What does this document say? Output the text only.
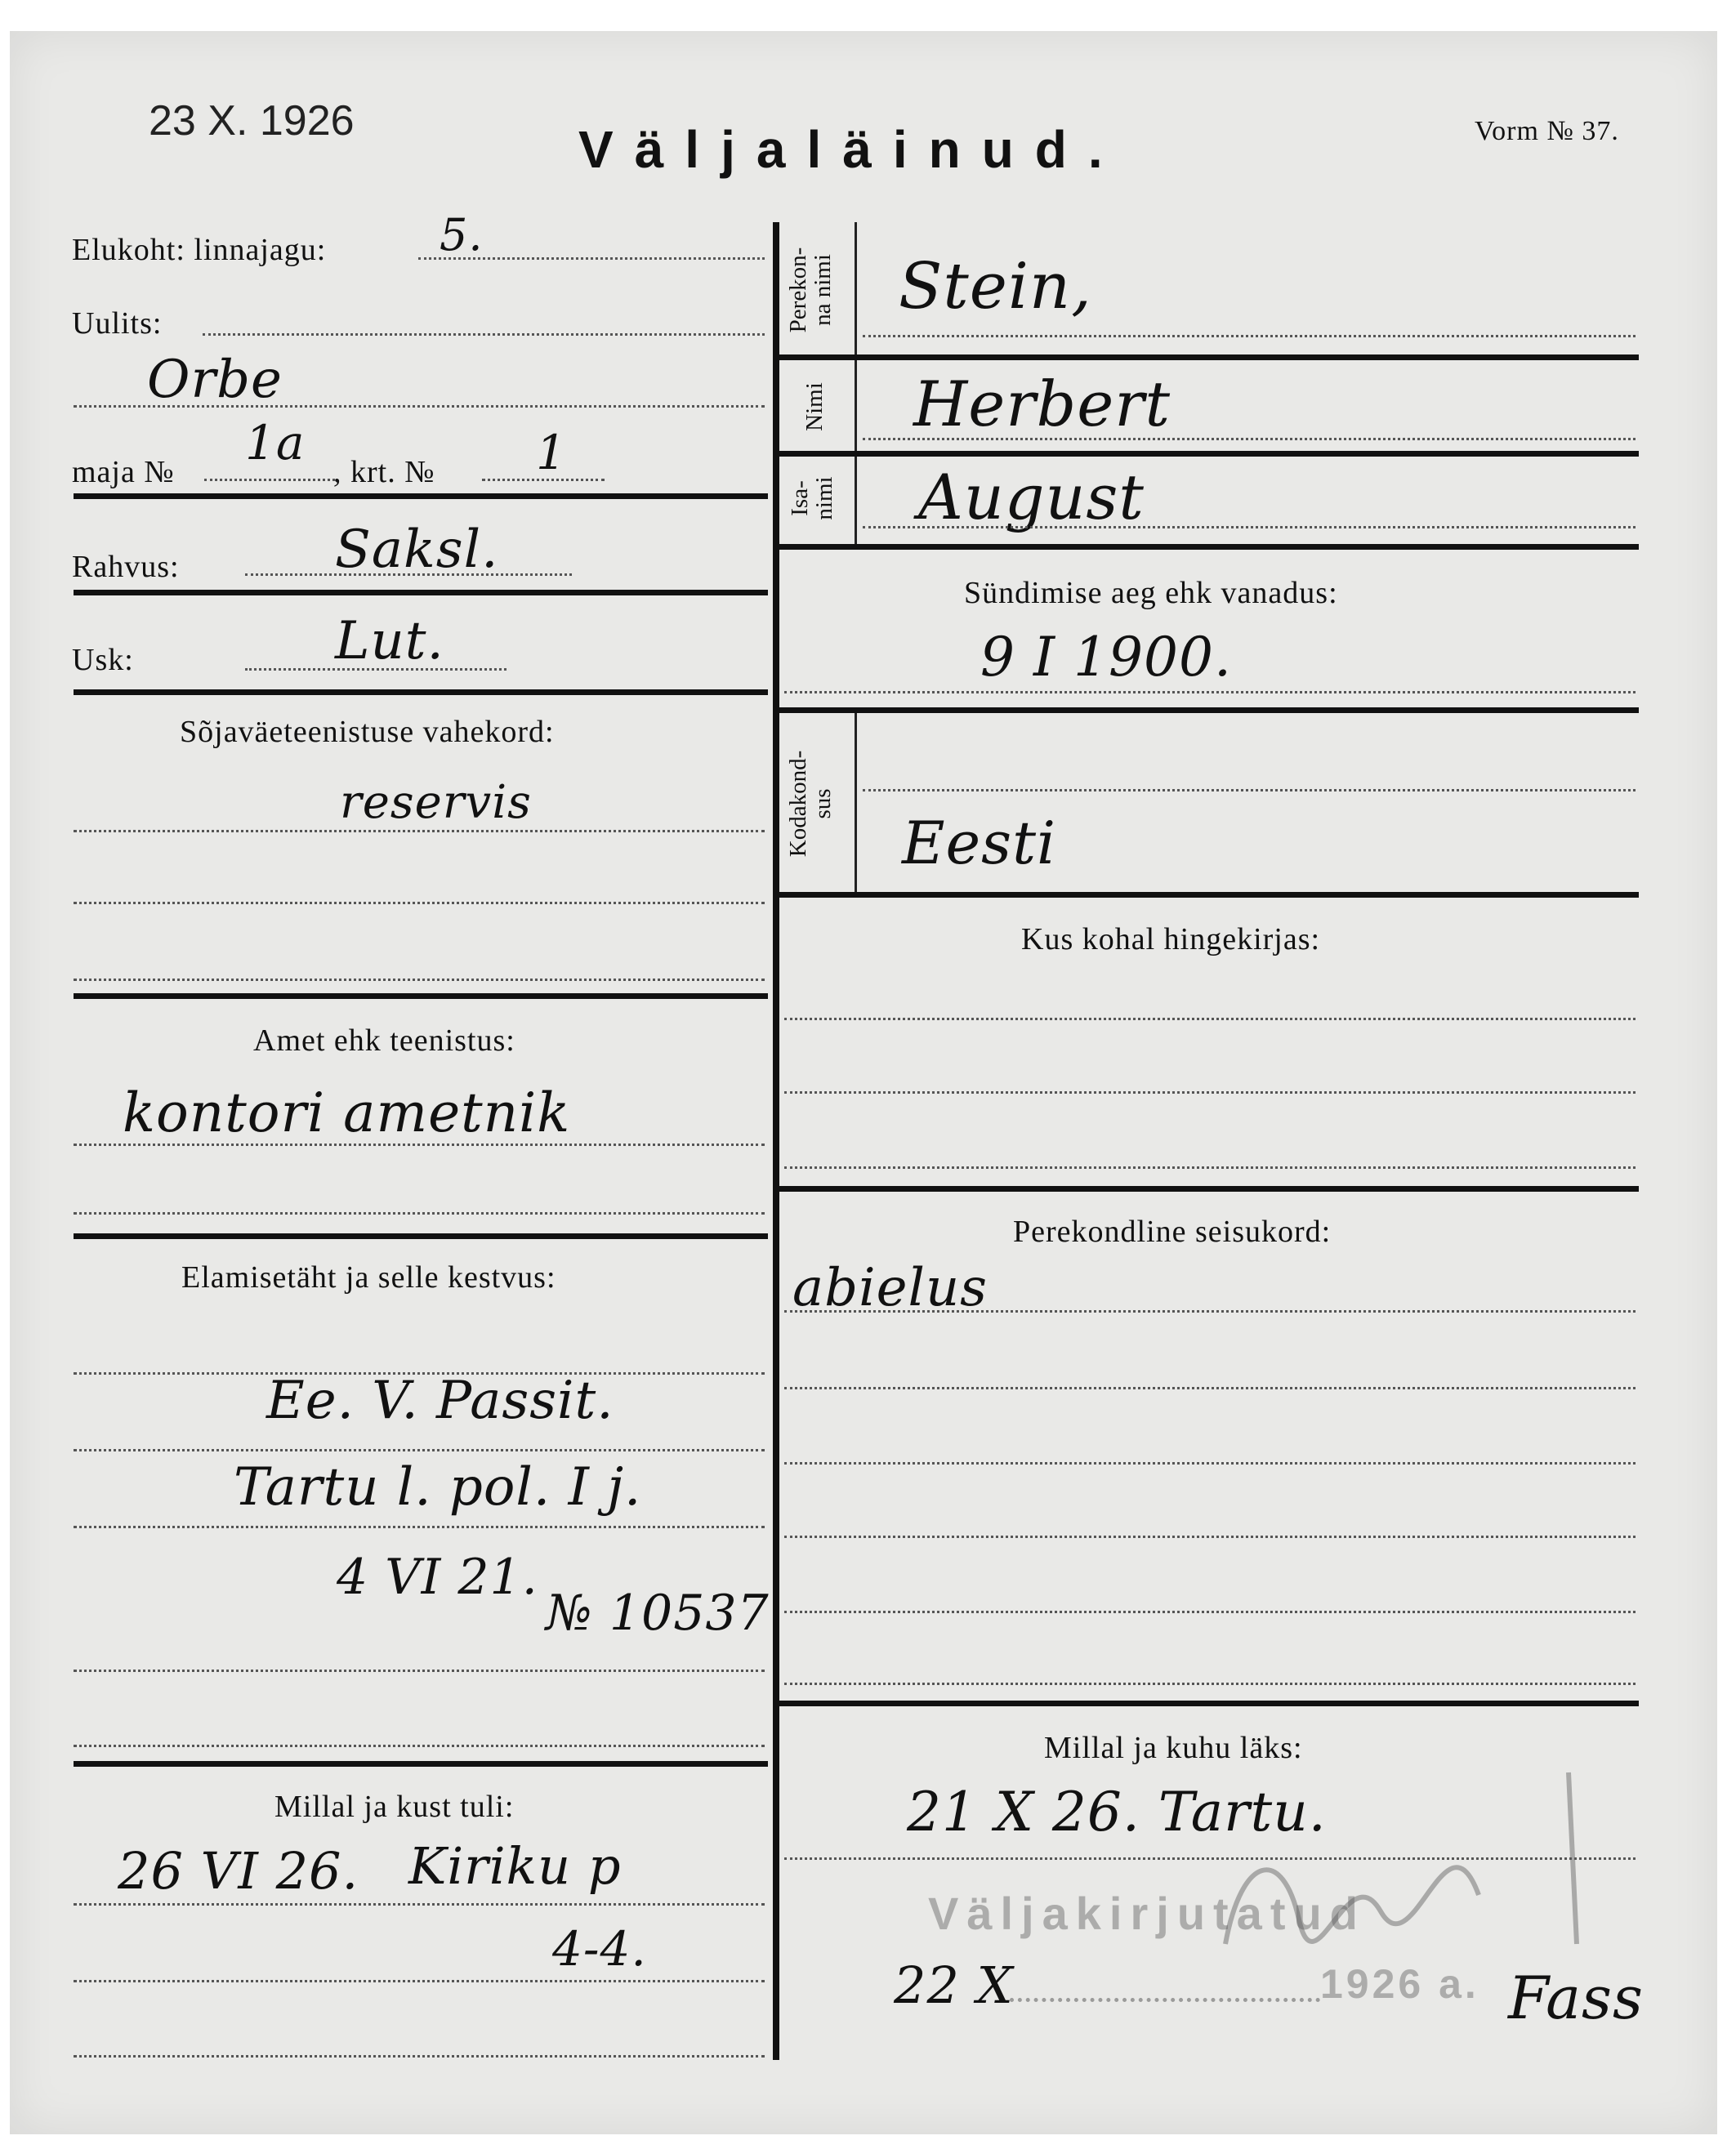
23 X. 1926	Väljaläinud.	Vorm № 37.
Elukoht: linnajagu:	5.
Uulits:
Orbe
maja №
1a
, krt. № 1
Rahvus:	Saksl.
Usk:	Lut.
Sõjaväeteenistuse vahekord:
reservis
Amet ehk teenistus:
kontori ametnik
Elamisetäht ja selle kestvus:
Ee. V. Passit.
Tartu l. pol. I j.
4 VI 21.
№ 10537
Millal ja kust tuli:
26 VI 26. Kiriku p
4-4.
Perekon-
na nimi Stein,
Nimi Herbert
Isa-
nimi August
Sündimise aeg ehk vanadus:
9 I 1900.
Kodakond-
sus
Eesti
Kus kohal hingekirjas:
Perekondline seisukord:
abielus
Millal ja kuhu läks:
21 X 26. Tartu.
Väljakirjutatud
1926 a.
22 X	Fass
